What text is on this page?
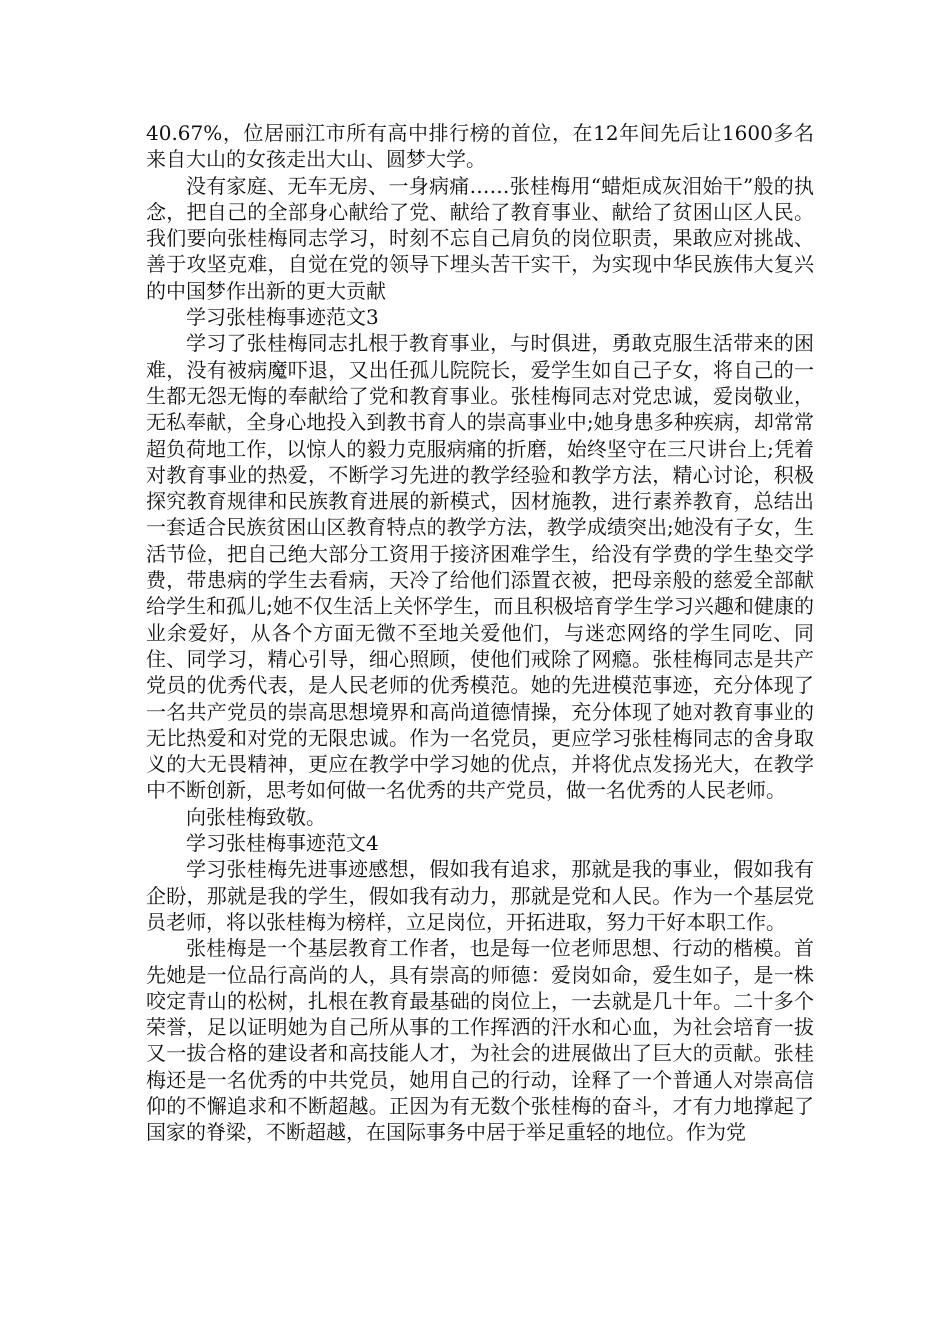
40.67%，位居丽江市所有高中排行榜的首位，在12年间先后让1600多名来自大山的女孩走出大山、圆梦大学。

没有家庭、无车无房、一身病痛……张桂梅用“蜡炬成灰泪始干”般的执念，把自己的全部身心献给了党、献给了教育事业、献给了贫困山区人民。我们要向张桂梅同志学习，时刻不忘自己肩负的岗位职责，果敢应对挑战、善于攻坚克难，自觉在党的领导下埋头苦干实干，为实现中华民族伟大复兴的中国梦作出新的更大贡献

学习张桂梅事迹范文3

学习了张桂梅同志扎根于教育事业，与时俱进，勇敢克服生活带来的困难，没有被病魔吓退，又出任孤儿院院长，爱学生如自己子女，将自己的一生都无怨无悔的奉献给了党和教育事业。张桂梅同志对党忠诚，爱岗敬业，无私奉献，全身心地投入到教书育人的崇高事业中;她身患多种疾病，却常常超负荷地工作，以惊人的毅力克服病痛的折磨，始终坚守在三尺讲台上;凭着对教育事业的热爱，不断学习先进的教学经验和教学方法，精心讨论，积极探究教育规律和民族教育进展的新模式，因材施教，进行素养教育，总结出一套适合民族贫困山区教育特点的教学方法，教学成绩突出;她没有子女，生活节俭，把自己绝大部分工资用于接济困难学生，给没有学费的学生垫交学费，带患病的学生去看病，天冷了给他们添置衣被，把母亲般的慈爱全部献给学生和孤儿;她不仅生活上关怀学生，而且积极培育学生学习兴趣和健康的业余爱好，从各个方面无微不至地关爱他们，与迷恋网络的学生同吃、同住、同学习，精心引导，细心照顾，使他们戒除了网瘾。张桂梅同志是共产党员的优秀代表，是人民老师的优秀模范。她的先进模范事迹，充分体现了一名共产党员的崇高思想境界和高尚道德情操，充分体现了她对教育事业的无比热爱和对党的无限忠诚。作为一名党员，更应学习张桂梅同志的舍身取义的大无畏精神，更应在教学中学习她的优点，并将优点发扬光大，在教学中不断创新，思考如何做一名优秀的共产党员，做一名优秀的人民老师。

向张桂梅致敬。

学习张桂梅事迹范文4

学习张桂梅先进事迹感想，假如我有追求，那就是我的事业，假如我有企盼，那就是我的学生，假如我有动力，那就是党和人民。作为一个基层党员老师，将以张桂梅为榜样，立足岗位，开拓进取，努力干好本职工作。

张桂梅是一个基层教育工作者，也是每一位老师思想、行动的楷模。首先她是一位品行高尚的人，具有崇高的师德：爱岗如命，爱生如子，是一株咬定青山的松树，扎根在教育最基础的岗位上，一去就是几十年。二十多个荣誉，足以证明她为自己所从事的工作挥洒的汗水和心血，为社会培育一拔又一拔合格的建设者和高技能人才，为社会的进展做出了巨大的贡献。张桂梅还是一名优秀的中共党员，她用自己的行动，诠释了一个普通人对崇高信仰的不懈追求和不断超越。正因为有无数个张桂梅的奋斗，才有力地撑起了国家的脊梁，不断超越，在国际事务中居于举足重轻的地位。作为党
